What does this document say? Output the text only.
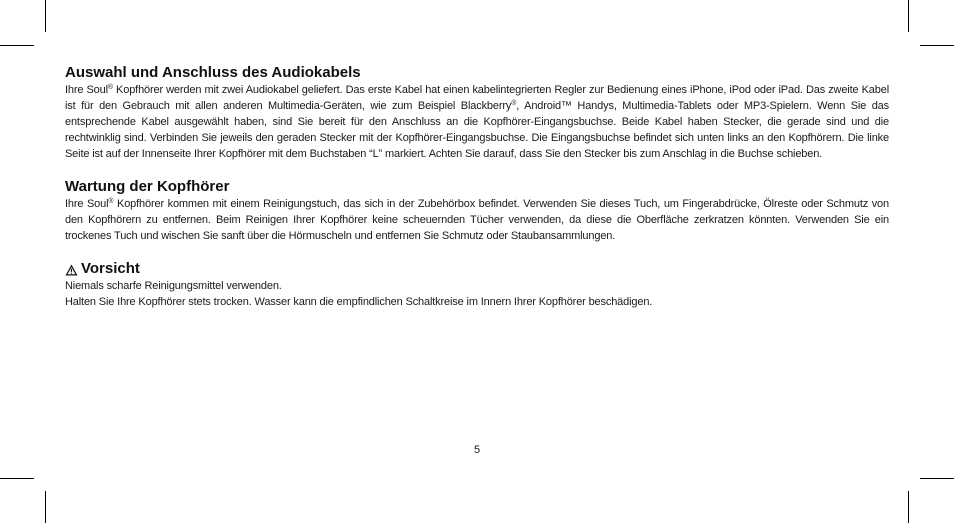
Auswahl und Anschluss des Audiokabels

Ihre Soul® Kopfhörer werden mit zwei Audiokabel geliefert. Das erste Kabel hat einen kabelintegrierten Regler zur Bedienung eines iPhone, iPod oder iPad. Das zweite Kabel ist für den Gebrauch mit allen anderen Multimedia-Geräten, wie zum Beispiel Blackberry®, Android™ Handys, Multimedia-Tablets oder MP3-Spielern. Wenn Sie das entsprechende Kabel ausgewählt haben, sind Sie bereit für den Anschluss an die Kopfhörer-Eingangsbuchse. Beide Kabel haben Stecker, die gerade sind und die rechtwinklig sind. Verbinden Sie jeweils den geraden Stecker mit der Kopfhörer-Eingangsbuchse. Die Eingangsbuchse befindet sich unten links an den Kopfhörern. Die linke Seite ist auf der Innenseite Ihrer Kopfhörer mit dem Buchstaben “L” markiert. Achten Sie darauf, dass Sie den Stecker bis zum Anschlag in die Buchse schieben.

Wartung der Kopfhörer

Ihre Soul® Kopfhörer kommen mit einem Reinigungstuch, das sich in der Zubehörbox befindet. Verwenden Sie dieses Tuch, um Fingerabdrücke, Ölreste oder Schmutz von den Kopfhörern zu entfernen. Beim Reinigen Ihrer Kopfhörer keine scheuernden Tücher verwenden, da diese die Oberfläche zerkratzen könnten. Verwenden Sie ein trockenes Tuch und wischen Sie sanft über die Hörmuscheln und entfernen Sie Schmutz oder Staubansammlungen.

Vorsicht

Niemals scharfe Reinigungsmittel verwenden.

Halten Sie Ihre Kopfhörer stets trocken. Wasser kann die empfindlichen Schaltkreise im Innern Ihrer Kopfhörer beschädigen.

5
